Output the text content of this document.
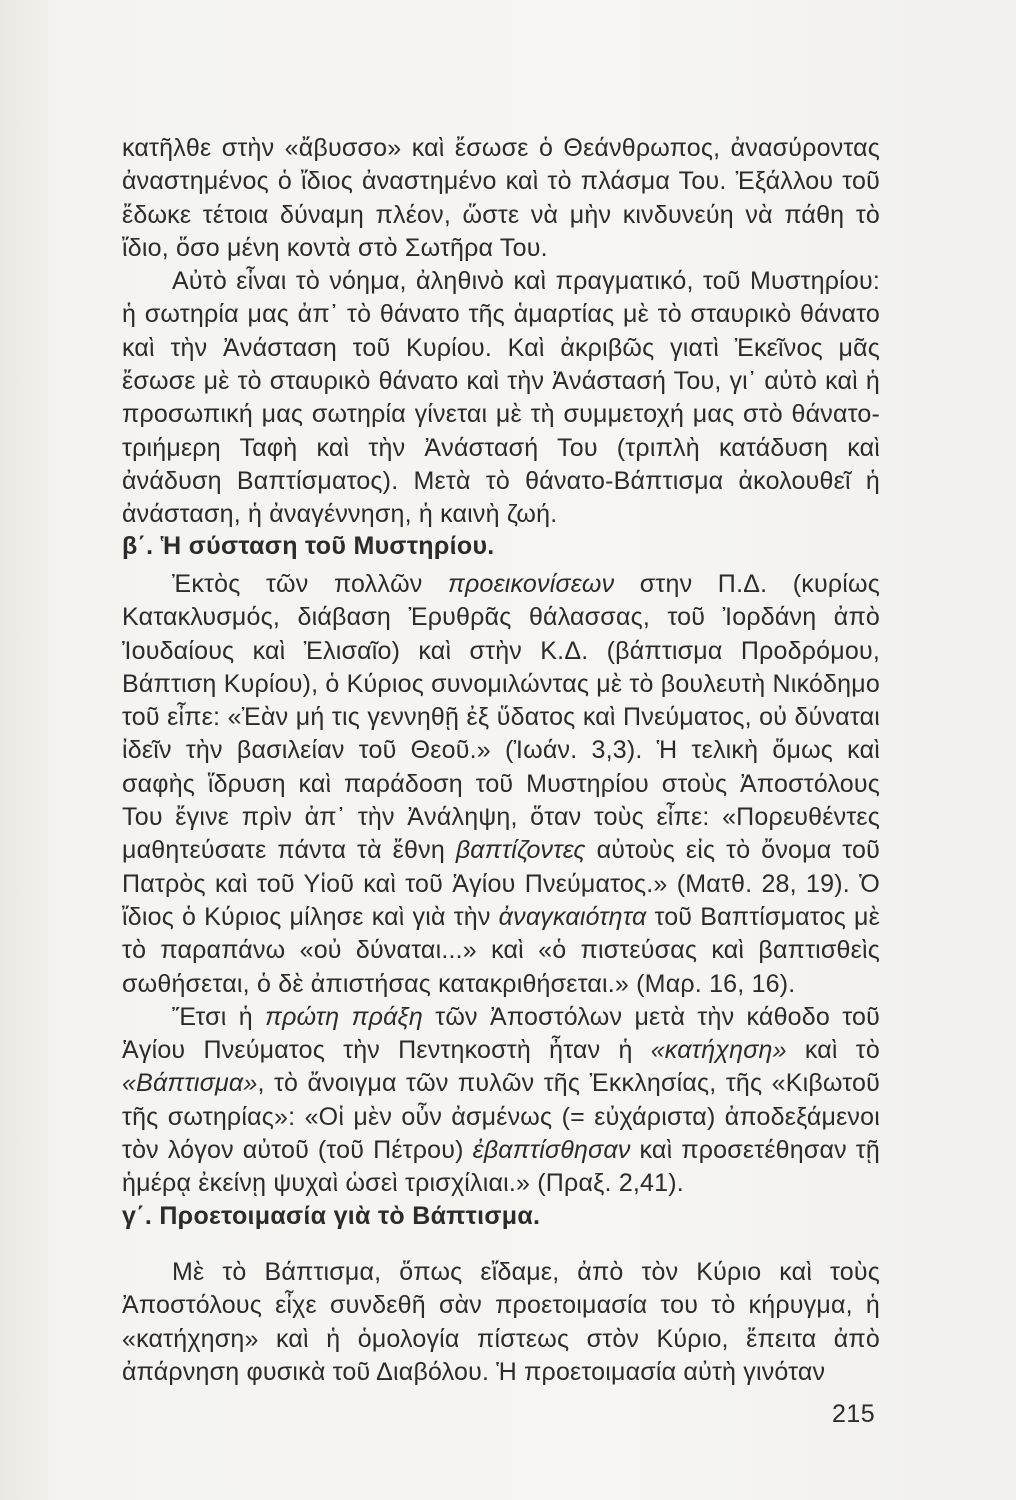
κατῆλθε στὴν «ἄβυσσο» καὶ ἔσωσε ὁ Θεάνθρωπος, ἀνασύροντας ἀναστημένος ὁ ἴδιος ἀναστημένο καὶ τὸ πλάσμα Του. Ἐξάλλου τοῦ ἔδωκε τέτοια δύναμη πλέον, ὥστε νὰ μὴν κινδυνεύη νὰ πάθη τὸ ἴδιο, ὅσο μένη κοντὰ στὸ Σωτῆρα Του.

Αὐτὸ εἶναι τὸ νόημα, ἀληθινὸ καὶ πραγματικό, τοῦ Μυστηρίου: ἡ σωτηρία μας ἀπ᾽ τὸ θάνατο τῆς ἁμαρτίας μὲ τὸ σταυρικὸ θάνατο καὶ τὴν Ἀνάσταση τοῦ Κυρίου. Καὶ ἀκριβῶς γιατὶ Ἐκεῖνος μᾶς ἔσωσε μὲ τὸ σταυρικὸ θάνατο καὶ τὴν Ἀνάστασή Του, γι᾽ αὐτὸ καὶ ἡ προσωπική μας σωτηρία γίνεται μὲ τὴ συμμετοχή μας στὸ θάνατο-τριήμερη Ταφὴ καὶ τὴν Ἀνάστασή Του (τριπλὴ κατάδυση καὶ ἀνάδυση Βαπτίσματος). Μετὰ τὸ θάνατο-Βάπτισμα ἀκολουθεῖ ἡ ἀνάσταση, ἡ ἀναγέννηση, ἡ καινὴ ζωή.

β΄. Ἡ σύσταση τοῦ Μυστηρίου.

Ἐκτὸς τῶν πολλῶν προεικονίσεων στην Π.Δ. (κυρίως Κατακλυσμός, διάβαση Ἐρυθρᾶς θάλασσας, τοῦ Ἰορδάνη ἀπὸ Ἰουδαίους καὶ Ἐλισαῖο) καὶ στὴν Κ.Δ. (βάπτισμα Προδρόμου, Βάπτιση Κυρίου), ὁ Κύριος συνομιλώντας μὲ τὸ βουλευτὴ Νικόδημο τοῦ εἶπε: «Ἐὰν μή τις γεννηθῇ ἐξ ὕδατος καὶ Πνεύματος, οὐ δύναται ἰδεῖν τὴν βασιλείαν τοῦ Θεοῦ.» (Ἰωάν. 3,3). Ἡ τελικὴ ὅμως καὶ σαφὴς ἵδρυση καὶ παράδοση τοῦ Μυστηρίου στοὺς Ἀποστόλους Του ἔγινε πρὶν ἀπ᾽ τὴν Ἀνάληψη, ὅταν τοὺς εἶπε: «Πορευθέντες μαθητεύσατε πάντα τὰ ἔθνη βαπτίζοντες αὐτοὺς εἰς τὸ ὄνομα τοῦ Πατρὸς καὶ τοῦ Υἱοῦ καὶ τοῦ Ἁγίου Πνεύματος.» (Ματθ. 28, 19). Ὁ ἴδιος ὁ Κύριος μίλησε καὶ γιὰ τὴν ἀναγκαιότητα τοῦ Βαπτίσματος μὲ τὸ παραπάνω «οὐ δύναται...» καὶ «ὁ πιστεύσας καὶ βαπτισθεὶς σωθήσεται, ὁ δὲ ἀπιστήσας κατακριθήσεται.» (Μαρ. 16, 16).

Ἔτσι ἡ πρώτη πράξη τῶν Ἀποστόλων μετὰ τὴν κάθοδο τοῦ Ἁγίου Πνεύματος τὴν Πεντηκοστὴ ἦταν ἡ «κατήχηση» καὶ τὸ «Βάπτισμα», τὸ ἄνοιγμα τῶν πυλῶν τῆς Ἐκκλησίας, τῆς «Κιβωτοῦ τῆς σωτηρίας»: «Οἱ μὲν οὖν ἀσμένως (= εὐχάριστα) ἀποδεξάμενοι τὸν λόγον αὐτοῦ (τοῦ Πέτρου) ἐβαπτίσθησαν καὶ προσετέθησαν τῇ ἡμέρᾳ ἐκείνῃ ψυχαὶ ὡσεὶ τρισχίλιαι.» (Πραξ. 2,41).

γ΄. Προετοιμασία γιὰ τὸ Βάπτισμα.

Μὲ τὸ Βάπτισμα, ὅπως εἴδαμε, ἀπὸ τὸν Κύριο καὶ τοὺς Ἀποστόλους εἶχε συνδεθῆ σὰν προετοιμασία του τὸ κήρυγμα, ἡ «κατήχηση» καὶ ἡ ὁμολογία πίστεως στὸν Κύριο, ἔπειτα ἀπὸ ἀπάρνηση φυσικὰ τοῦ Διαβόλου. Ἡ προετοιμασία αὐτὴ γινόταν

215
